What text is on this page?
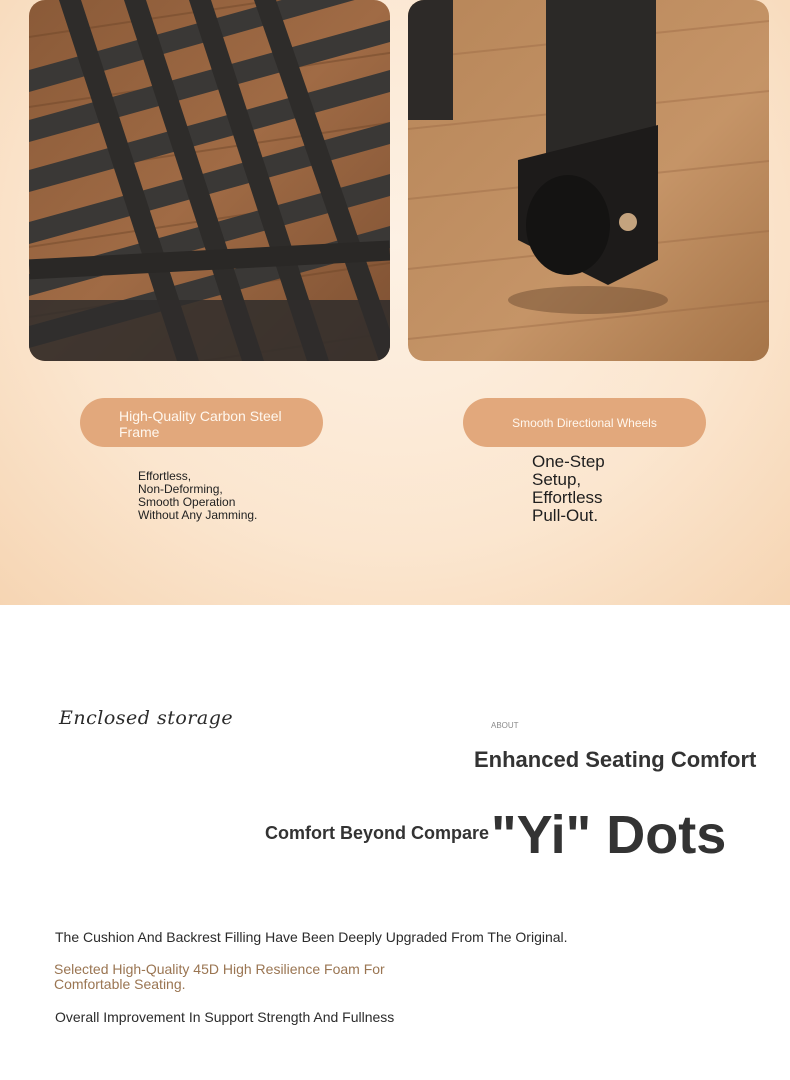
High-Quality Carbon Steel Frame
Smooth Directional Wheels
Effortless,
Non-Deforming,
Smooth Operation
Without Any Jamming.
One-Step
Setup,
Effortless
Pull-Out.
Enclosed storage	ABOUT
Enhanced Seating Comfort
Comfort Beyond Compare "Yi" Dots
The Cushion And Backrest Filling Have Been Deeply Upgraded From The Original.
Selected High-Quality 45D High Resilience Foam For Comfortable Seating.
Overall Improvement In Support Strength And Fullness
